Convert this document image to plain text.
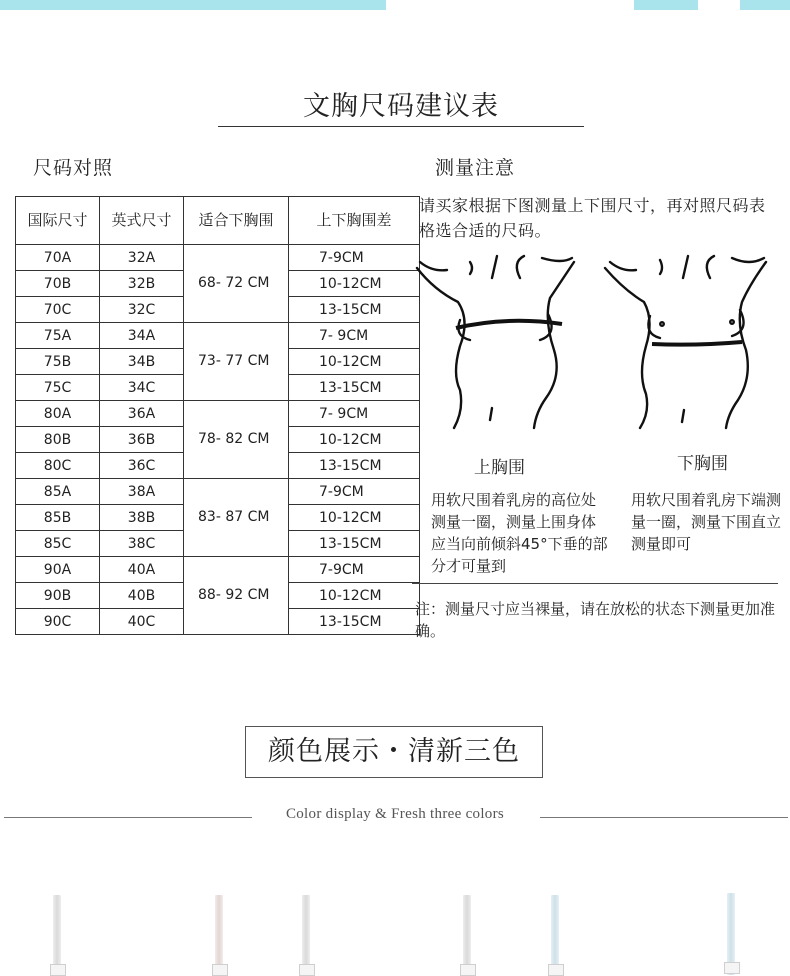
文胸尺码建议表
尺码对照	测量注意
国际尺寸	英式尺寸	适合下胸围	上下胸围差
70A	32A	68- 72 CM	7-9CM
70B	32B		10-12CM
70C	32C		13-15CM
75A	34A	73- 77 CM	7- 9CM
75B	34B		10-12CM
75C	34C		13-15CM
80A	36A	78- 82 CM	7- 9CM
80B	36B		10-12CM
80C	36C		13-15CM
85A	38A	83- 87 CM	7-9CM
85B	38B		10-12CM
85C	38C		13-15CM
90A	40A	88- 92 CM	7-9CM
90B	40B		10-12CM
90C	40C		13-15CM
请买家根据下图测量上下围尺寸，再对照尺码表格选合适的尺码。
上胸围	下胸围
用软尺围着乳房的高位处测量一圈，测量上围身体应当向前倾斜45°下垂的部分才可量到
用软尺围着乳房下端测量一圈，测量下围直立测量即可
注：测量尺寸应当裸量，请在放松的状态下测量更加准确。
颜色展示・清新三色
Color display & Fresh three colors
